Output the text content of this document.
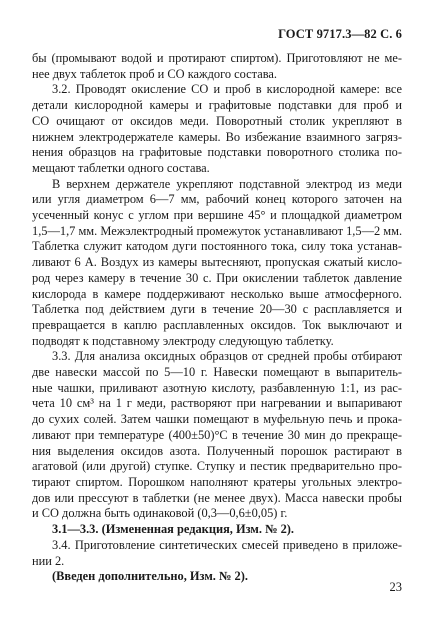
ГОСТ 9717.3—82 С. 6

бы (промывают водой и протирают спиртом). Приготовляют не ме-
нее двух таблеток проб и СО каждого состава.

3.2. Проводят окисление СО и проб в кислородной камере: все
детали кислородной камеры и графитовые подставки для проб и
СО очищают от оксидов меди. Поворотный столик укрепляют в
нижнем электродержателе камеры. Во избежание взаимного загряз-
нения образцов на графитовые подставки поворотного столика по-
мещают таблетки одного состава.

В верхнем держателе укрепляют подставной электрод из меди
или угля диаметром 6—7 мм, рабочий конец которого заточен на
усеченный конус с углом при вершине 45° и площадкой диаметром
1,5—1,7 мм. Межэлектродный промежуток устанавливают 1,5—2 мм.
Таблетка служит катодом дуги постоянного тока, силу тока устанав-
ливают 6 А. Воздух из камеры вытесняют, пропуская сжатый кисло-
род через камеру в течение 30 с. При окислении таблеток давление
кислорода в камере поддерживают несколько выше атмосферного.
Таблетка под действием дуги в течение 20—30 с расплавляется и
превращается в каплю расплавленных оксидов. Ток выключают и
подводят к подставному электроду следующую таблетку.

3.3. Для анализа оксидных образцов от средней пробы отбирают
две навески массой по 5—10 г. Навески помещают в выпаритель-
ные чашки, приливают азотную кислоту, разбавленную 1:1, из рас-
чета 10 см³ на 1 г меди, растворяют при нагревании и выпаривают
до сухих солей. Затем чашки помещают в муфельную печь и прока-
ливают при температуре (400±50)°С в течение 30 мин до прекраще-
ния выделения оксидов азота. Полученный порошок растирают в
агатовой (или другой) ступке. Ступку и пестик предварительно про-
тирают спиртом. Порошком наполняют кратеры угольных электро-
дов или прессуют в таблетки (не менее двух). Масса навески пробы
и СО должна быть одинаковой (0,3—0,6±0,05) г.

3.1—3.3. (Измененная редакция, Изм. № 2).

3.4. Приготовление синтетических смесей приведено в приложе-
нии 2.

(Введен дополнительно, Изм. № 2).

23
